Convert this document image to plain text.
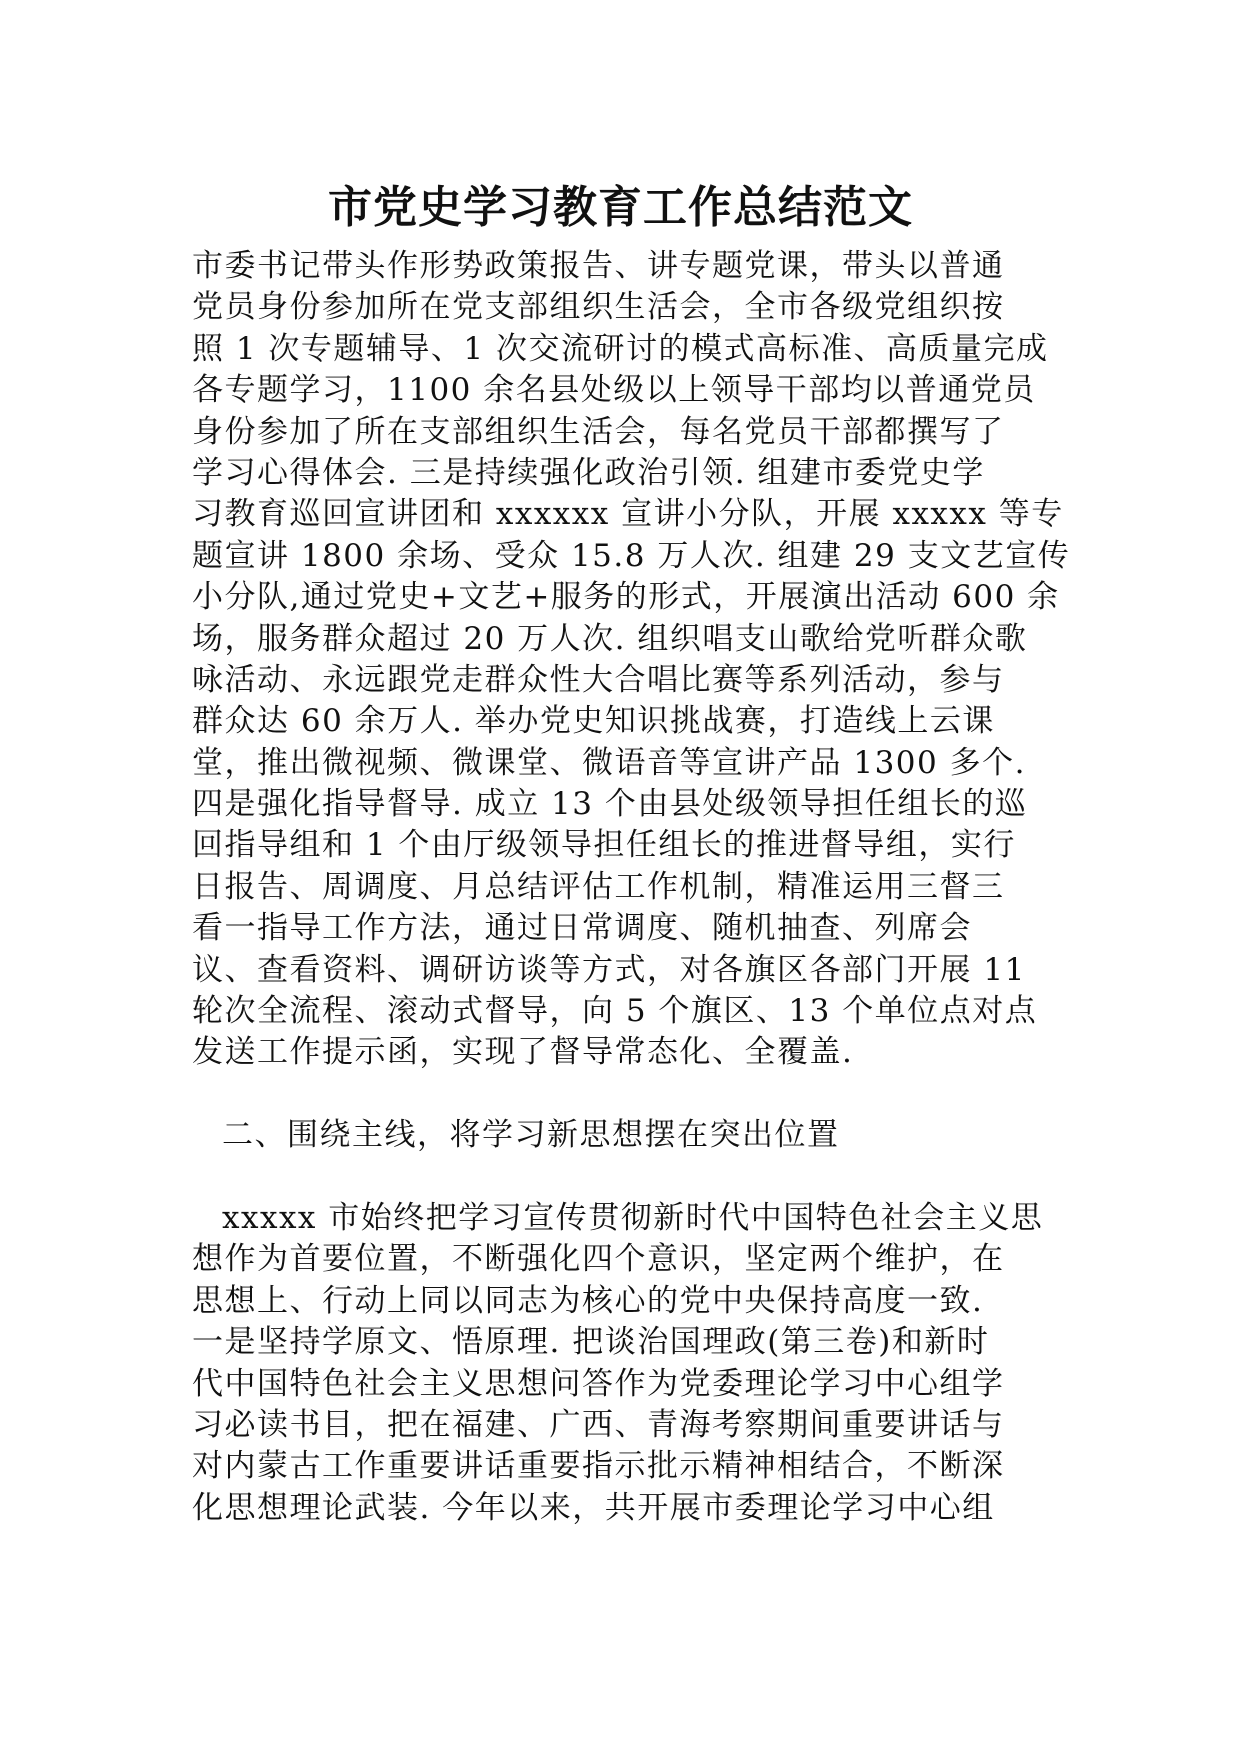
市党史学习教育工作总结范文
市委书记带头作形势政策报告、讲专题党课，带头以普通
党员身份参加所在党支部组织生活会，全市各级党组织按
照 1 次专题辅导、1 次交流研讨的模式高标准、高质量完成
各专题学习，1100 余名县处级以上领导干部均以普通党员
身份参加了所在支部组织生活会，每名党员干部都撰写了
学习心得体会. 三是持续强化政治引领. 组建市委党史学
习教育巡回宣讲团和 xxxxxx 宣讲小分队，开展 xxxxx 等专
题宣讲 1800 余场、受众 15.8 万人次. 组建 29 支文艺宣传
小分队,通过党史+文艺+服务的形式，开展演出活动 600 余
场，服务群众超过 20 万人次. 组织唱支山歌给党听群众歌
咏活动、永远跟党走群众性大合唱比赛等系列活动，参与
群众达 60 余万人. 举办党史知识挑战赛，打造线上云课
堂，推出微视频、微课堂、微语音等宣讲产品 1300 多个.
四是强化指导督导. 成立 13 个由县处级领导担任组长的巡
回指导组和 1 个由厅级领导担任组长的推进督导组，实行
日报告、周调度、月总结评估工作机制，精准运用三督三
看一指导工作方法，通过日常调度、随机抽查、列席会
议、查看资料、调研访谈等方式，对各旗区各部门开展 11
轮次全流程、滚动式督导，向 5 个旗区、13 个单位点对点
发送工作提示函，实现了督导常态化、全覆盖.
二、围绕主线，将学习新思想摆在突出位置
xxxxx 市始终把学习宣传贯彻新时代中国特色社会主义思
想作为首要位置，不断强化四个意识，坚定两个维护，在
思想上、行动上同以同志为核心的党中央保持高度一致.
一是坚持学原文、悟原理. 把谈治国理政(第三卷)和新时
代中国特色社会主义思想问答作为党委理论学习中心组学
习必读书目，把在福建、广西、青海考察期间重要讲话与
对内蒙古工作重要讲话重要指示批示精神相结合，不断深
化思想理论武装. 今年以来，共开展市委理论学习中心组
